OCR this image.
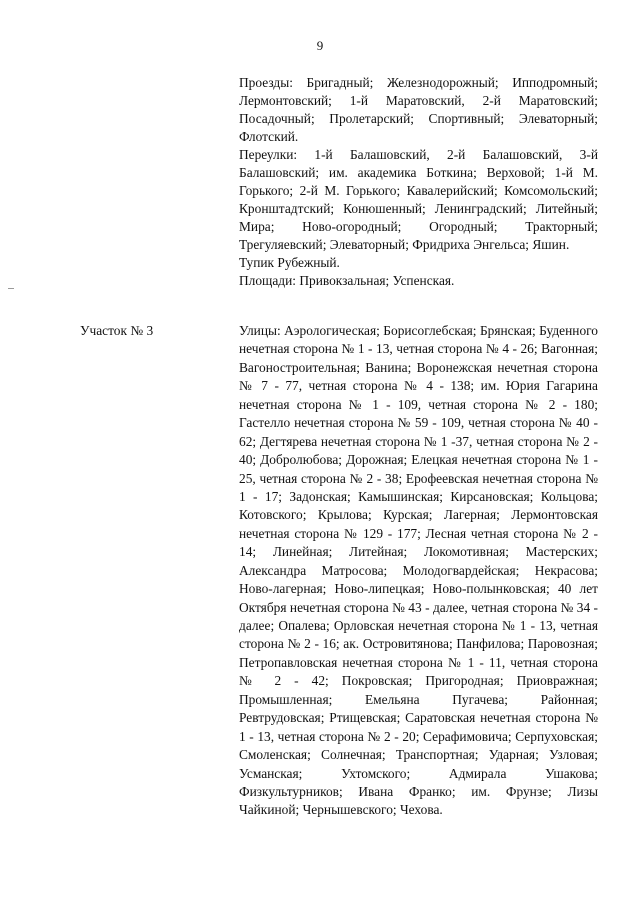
9

Проезды: Бригадный; Железнодорожный; Ипподромный; Лермонтовский; 1-й Маратовский, 2-й Маратовский; Посадочный; Пролетарский; Спортивный; Элеваторный; Флотский.

Переулки: 1-й Балашовский, 2-й Балашовский, 3-й Балашовский; им. академика Боткина; Верховой; 1-й М. Горького; 2-й М. Горького; Кавалерийский; Комсомольский; Кронштадтский; Конюшенный; Ленинградский; Литейный; Мира; Ново-огородный; Огородный; Тракторный; Трегуляевский; Элеваторный; Фридриха Энгельса; Яшин.

Тупик Рубежный.

Площади: Привокзальная; Успенская.

Участок № 3	Улицы: Аэрологическая; Борисоглебская; Брянская; Буденного нечетная сторона № 1 - 13, четная сторона № 4 - 26; Вагонная; Вагоностроительная; Ванина; Воронежская нечетная сторона № 7 - 77, четная сторона № 4 - 138; им. Юрия Гагарина нечетная сторона № 1 - 109, четная сторона № 2 - 180; Гастелло нечетная сторона № 59 - 109, четная сторона № 40 - 62; Дегтярева нечетная сторона № 1 -37, четная сторона № 2 - 40; Добролюбова; Дорожная; Елецкая нечетная сторона № 1 - 25, четная сторона № 2 - 38; Ерофеевская нечетная сторона № 1 - 17; Задонская; Камышинская; Кирсановская; Кольцова; Котовского; Крылова; Курская; Лагерная; Лермонтовская нечетная сторона № 129 - 177; Лесная четная сторона № 2 - 14; Линейная; Литейная; Локомотивная; Мастерских; Александра Матросова; Молодогвардейская; Некрасова; Ново-лагерная; Ново-липецкая; Ново-полынковская; 40 лет Октября нечетная сторона № 43 - далее, четная сторона № 34 - далее; Опалева; Орловская нечетная сторона № 1 - 13, четная сторона № 2 - 16; ак. Островитянова; Панфилова; Паровозная; Петропавловская нечетная сторона № 1 - 11, четная сторона № 2 - 42; Покровская; Пригородная; Приовражная; Промышленная; Емельяна Пугачева; Районная; Ревтрудовская; Ртищевская; Саратовская нечетная сторона № 1 - 13, четная сторона № 2 - 20; Серафимовича; Серпуховская; Смоленская; Солнечная; Транспортная; Ударная; Узловая; Усманская; Ухтомского; Адмирала Ушакова; Физкультурников; Ивана Франко; им. Фрунзе; Лизы Чайкиной; Чернышевского; Чехова.
